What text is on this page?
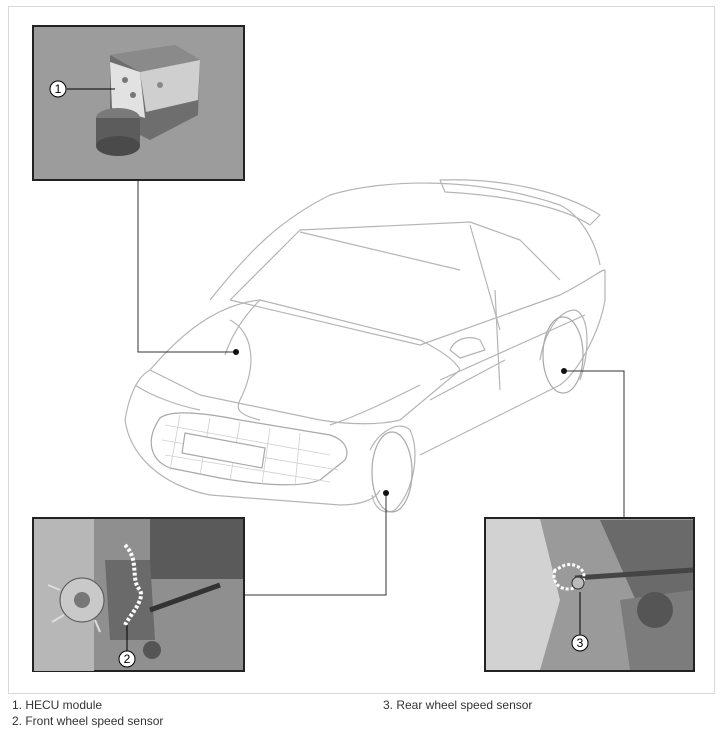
1
2
3
1. HECU module
2. Front wheel speed sensor
3. Rear wheel speed sensor
